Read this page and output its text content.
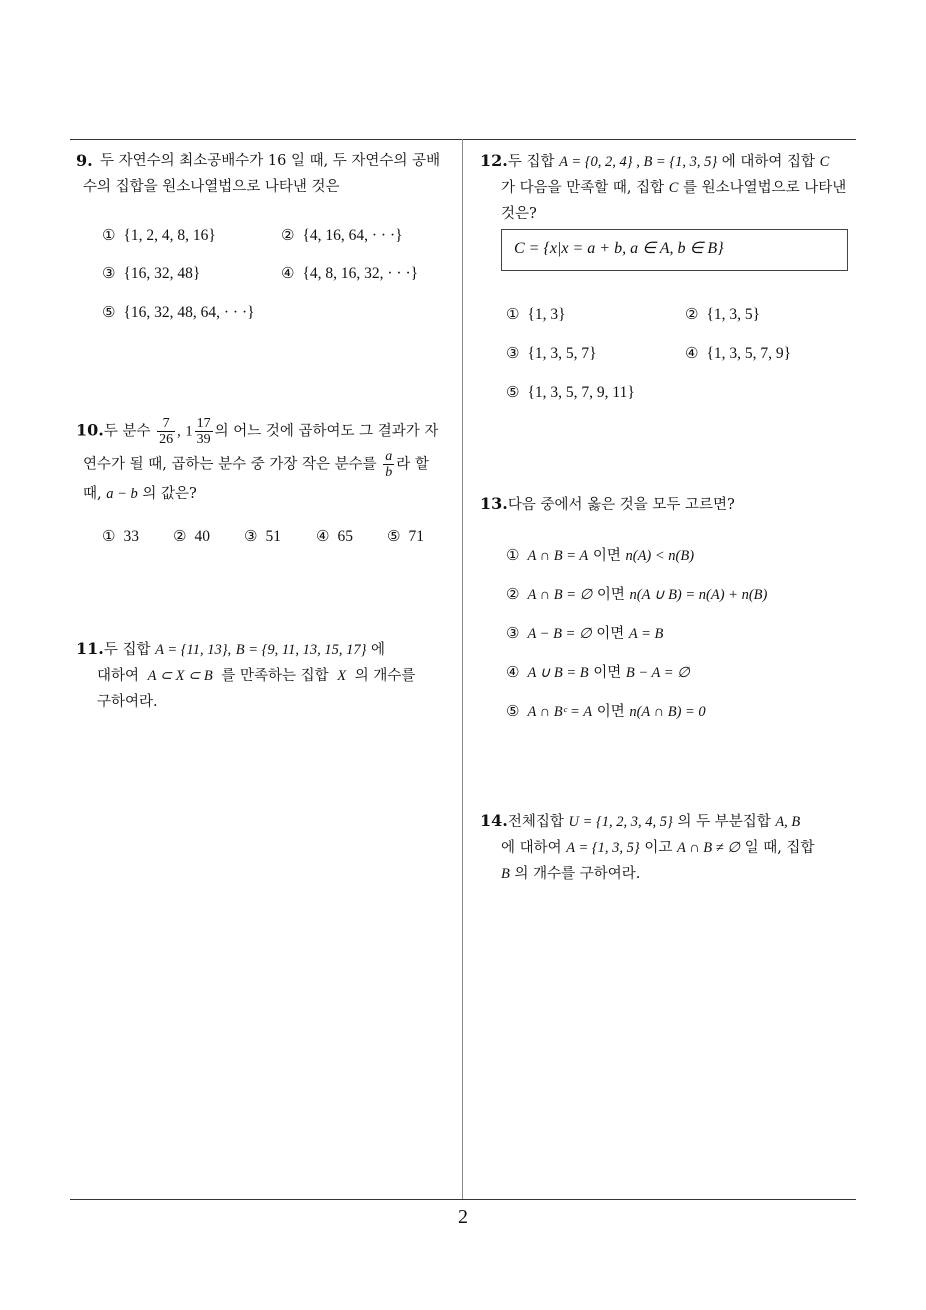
9. 두 자연수의 최소공배수가 16 일 때, 두 자연수의 공배
수의 집합을 원소나열법으로 나타낸 것은
① {1, 2, 4, 8, 16}	② {4, 16, 64, · · ·}
③ {16, 32, 48}	④ {4, 8, 16, 32, · · ·}
⑤ {16, 32, 48, 64, · · ·}
10.두 분수 $\frac{7}{26}$ , $1 \frac{17}{39}$ 의 어느 것에 곱하여도 그 결과가 자
연수가 될 때, 곱하는 분수 중 가장 작은 분수를 $\frac{a}{b}$ 라 할
때, a − b 의 값은?
① 33 ② 40 ③ 51 ④ 65 ⑤ 71
11.두 집합 A = {11, 13}, B = {9, 11, 13, 15, 17} 에
대하여 A ⊂ X ⊂ B 를 만족하는 집합 X 의 개수를
구하여라.
12.두 집합 A = {0, 2, 4} , B = {1, 3, 5} 에 대하여 집합 C
가 다음을 만족할 때, 집합 C 를 원소나열법으로 나타낸
것은?
C = {x|x = a + b, a ∈ A, b ∈ B}
① {1, 3}	② {1, 3, 5}
③ {1, 3, 5, 7}	④ {1, 3, 5, 7, 9}
⑤ {1, 3, 5, 7, 9, 11}
13.다음 중에서 옳은 것을 모두 고르면?
① A ∩ B = A 이면 n(A) < n(B)
② A ∩ B = ∅ 이면 n(A ∪ B) = n(A) + n(B)
③ A − B = ∅ 이면 A = B
④ A ∪ B = B 이면 B − A = ∅
⑤ A ∩ Bᶜ = A 이면 n(A ∩ B) = 0
14.전체집합 U = {1, 2, 3, 4, 5} 의 두 부분집합 A, B
에 대하여 A = {1, 3, 5} 이고 A ∩ B ≠ ∅ 일 때, 집합
B 의 개수를 구하여라.
2
